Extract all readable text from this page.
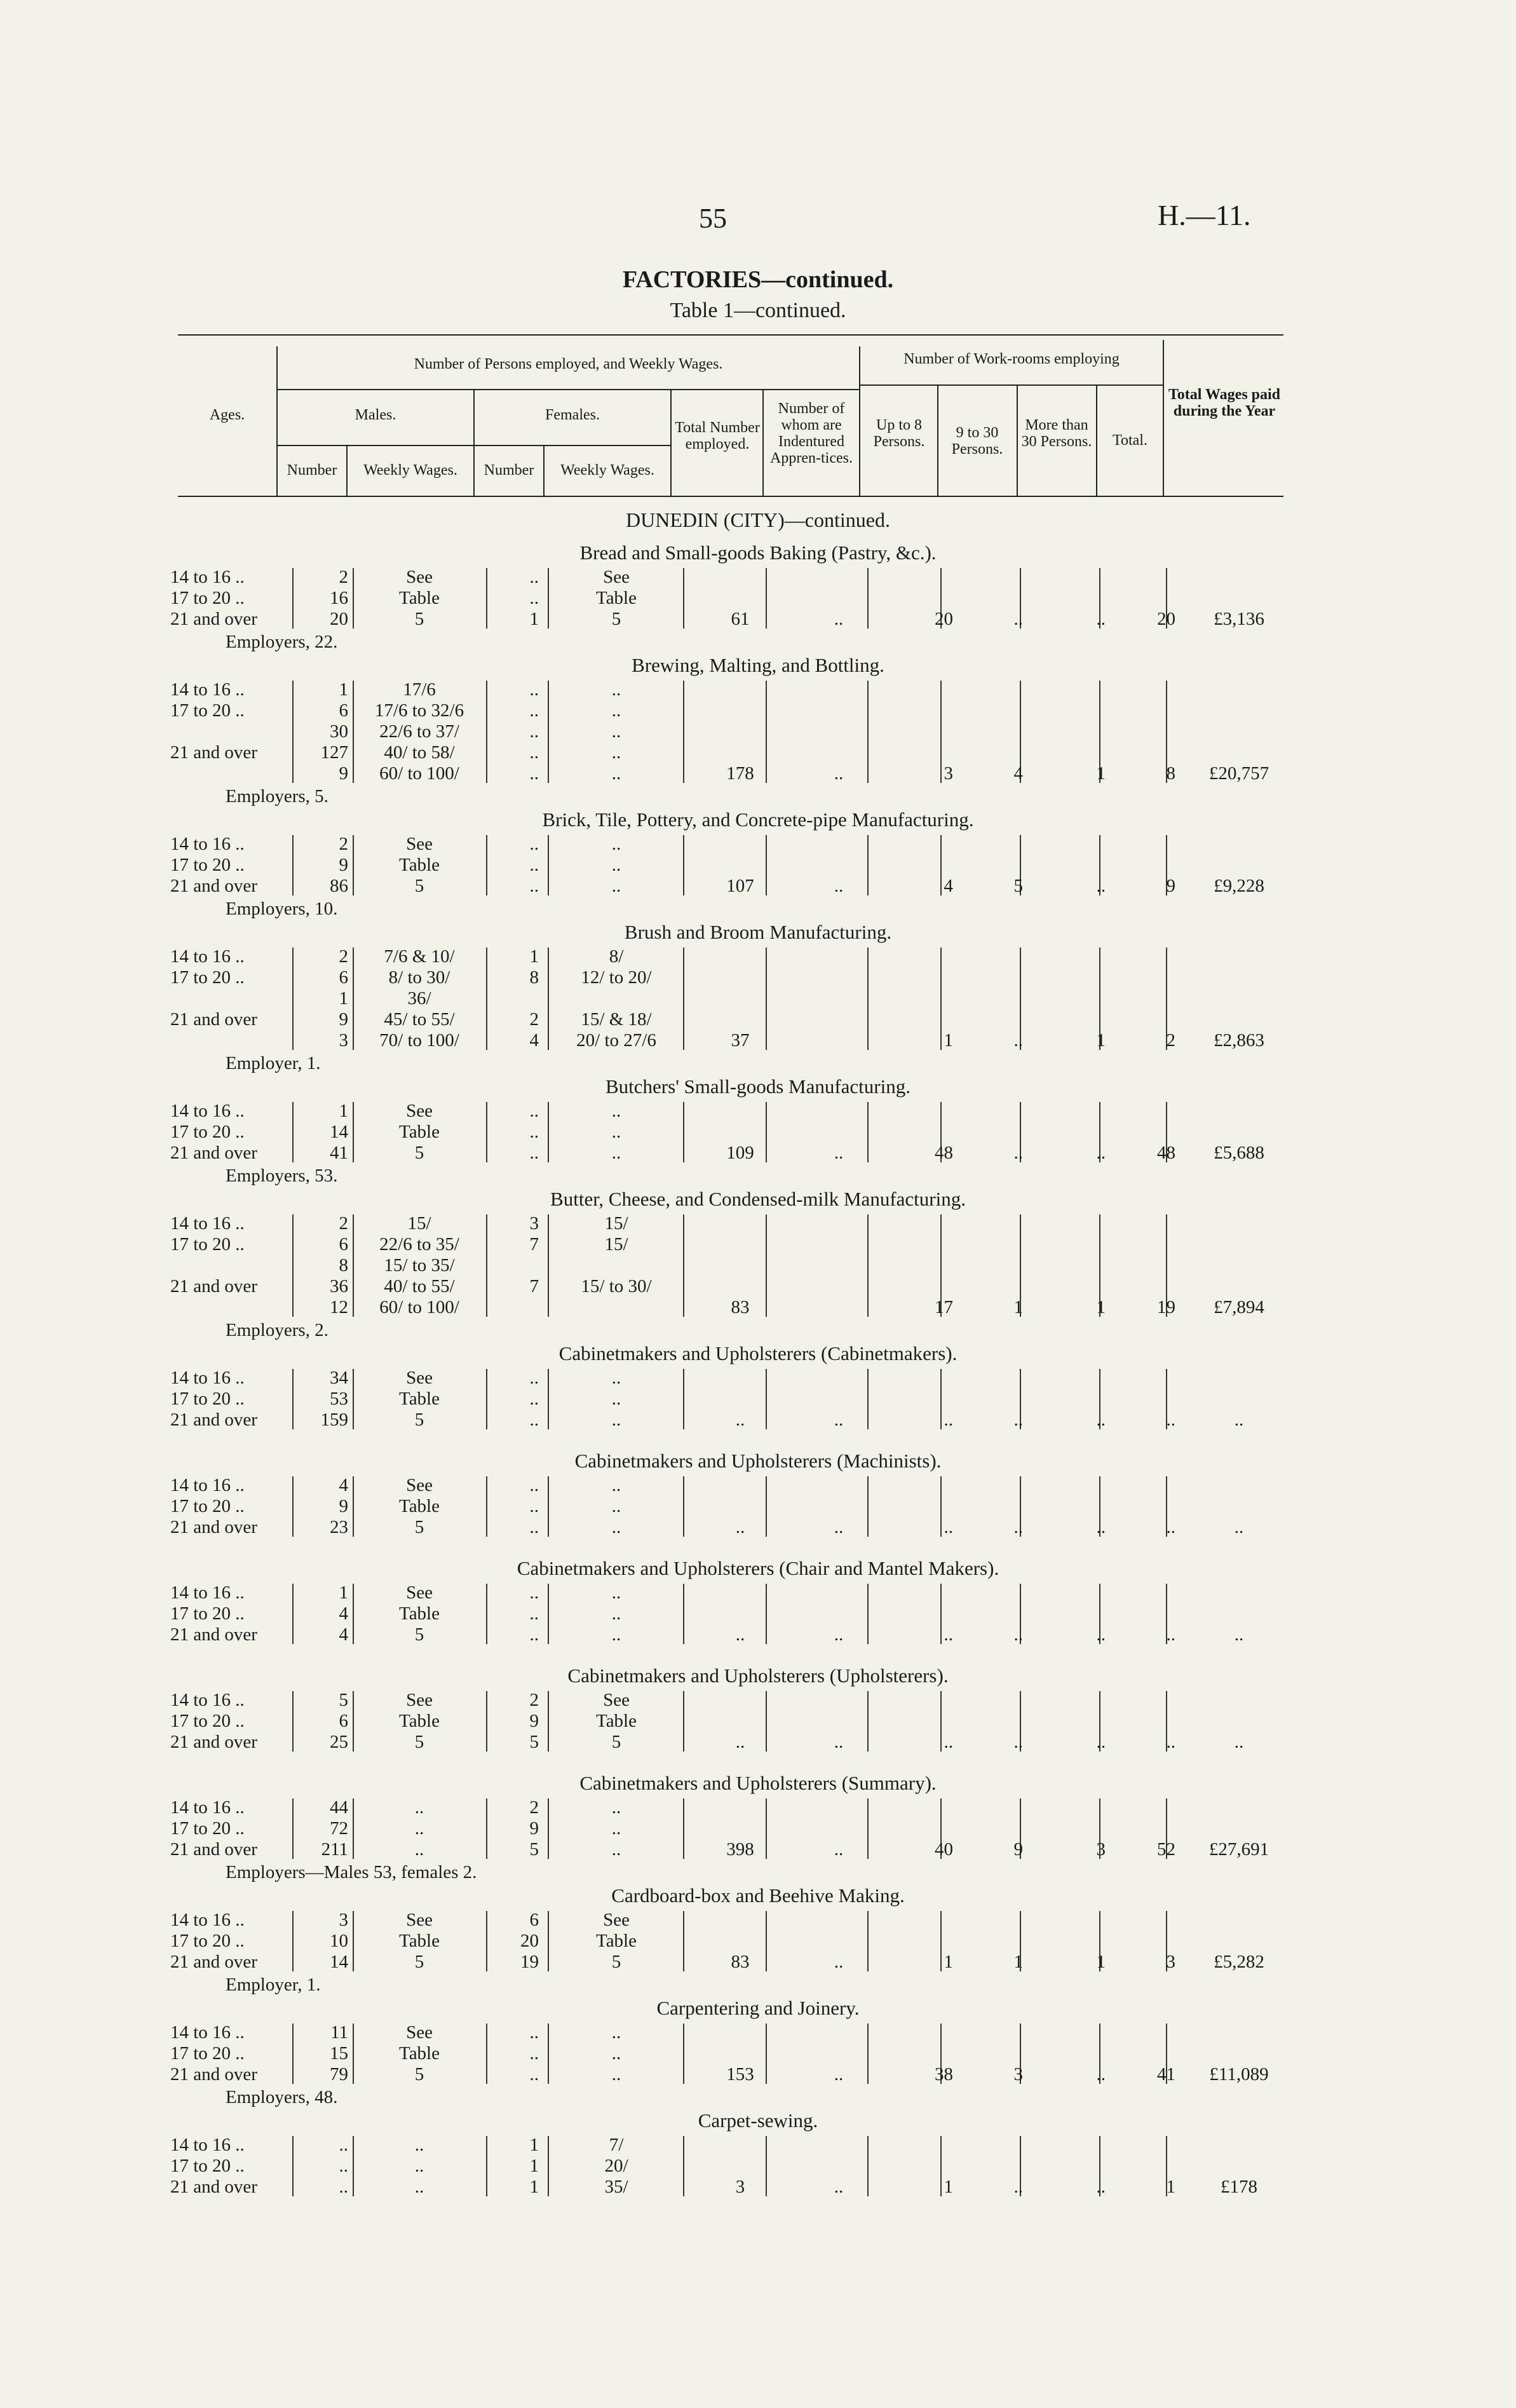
55	H.—11.
FACTORIES—continued.
Table 1—continued.
Ages.
Number of Persons employed, and Weekly Wages.
Males.	Females.
Number	Weekly Wages.	Number	Weekly Wages.
Total Number employed.
Number of whom are Indentured Appren-tices.
Number of Work-rooms employing
Up to 8 Persons.
9 to 30 Persons.
More than 30 Persons.	Total.
Total Wages paid during the Year
DUNEDIN (CITY)—continued.
Bread and Small-goods Baking (Pastry, &c.).
14 to 16 ..	2	See	..	See
17 to 20 ..	16	Table	..	Table
21 and over	20	5	1	5	61	..	20	..	..	20	£3,136
Employers, 22.
Brewing, Malting, and Bottling.
14 to 16 ..	1	17/6	..	..
17 to 20 ..	6	17/6 to 32/6	..	..
30	22/6 to 37/	..	..
21 and over	127	40/ to 58/	..	..
9	60/ to 100/	..	..	178	..	3	4	1	8	£20,757
Employers, 5.
Brick, Tile, Pottery, and Concrete-pipe Manufacturing.
14 to 16 ..	2	See	..	..
17 to 20 ..	9	Table	..	..
21 and over	86	5	..	..	107	..	4	5	..	9	£9,228
Employers, 10.
Brush and Broom Manufacturing.
14 to 16 ..	2	7/6 & 10/	1	8/
17 to 20 ..	6	8/ to 30/	8	12/ to 20/
1	36/
21 and over	9	45/ to 55/	2	15/ & 18/
3	70/ to 100/	4	20/ to 27/6	37	1	..	1	2	£2,863
Employer, 1.
Butchers' Small-goods Manufacturing.
14 to 16 ..	1	See	..	..
17 to 20 ..	14	Table	..	..
21 and over	41	5	..	..	109	..	48	..	..	48	£5,688
Employers, 53.
Butter, Cheese, and Condensed-milk Manufacturing.
14 to 16 ..	2	15/	3	15/
17 to 20 ..	6	22/6 to 35/	7	15/
8	15/ to 35/
21 and over	36	40/ to 55/	7	15/ to 30/
12	60/ to 100/	83	17	1	1	19	£7,894
Employers, 2.
Cabinetmakers and Upholsterers (Cabinetmakers).
14 to 16 ..	34	See	..	..
17 to 20 ..	53	Table	..	..
21 and over	159	5	..	..	..	..	..	..	..	..	..
Cabinetmakers and Upholsterers (Machinists).
14 to 16 ..	4	See	..	..
17 to 20 ..	9	Table	..	..
21 and over	23	5	..	..	..	..	..	..	..	..	..
Cabinetmakers and Upholsterers (Chair and Mantel Makers).
14 to 16 ..	1	See	..	..
17 to 20 ..	4	Table	..	..
21 and over	4	5	..	..	..	..	..	..	..	..	..
Cabinetmakers and Upholsterers (Upholsterers).
14 to 16 ..	5	See	2	See
17 to 20 ..	6	Table	9	Table
21 and over	25	5	5	5	..	..	..	..	..	..	..
Cabinetmakers and Upholsterers (Summary).
14 to 16 ..	44	..	2	..
17 to 20 ..	72	..	9	..
21 and over	211	..	5	..	398	..	40	9	3	52	£27,691
Employers—Males 53, females 2.
Cardboard-box and Beehive Making.
14 to 16 ..	3	See	6	See
17 to 20 ..	10	Table	20	Table
21 and over	14	5	19	5	83	..	1	1	1	3	£5,282
Employer, 1.
Carpentering and Joinery.
14 to 16 ..	11	See	..	..
17 to 20 ..	15	Table	..	..
21 and over	79	5	..	..	153	..	38	3	..	41	£11,089
Employers, 48.
Carpet-sewing.
14 to 16 ..	..	..	1	7/
17 to 20 ..	..	..	1	20/
21 and over	..	..	1	35/	3	..	1	..	..	1	£178
